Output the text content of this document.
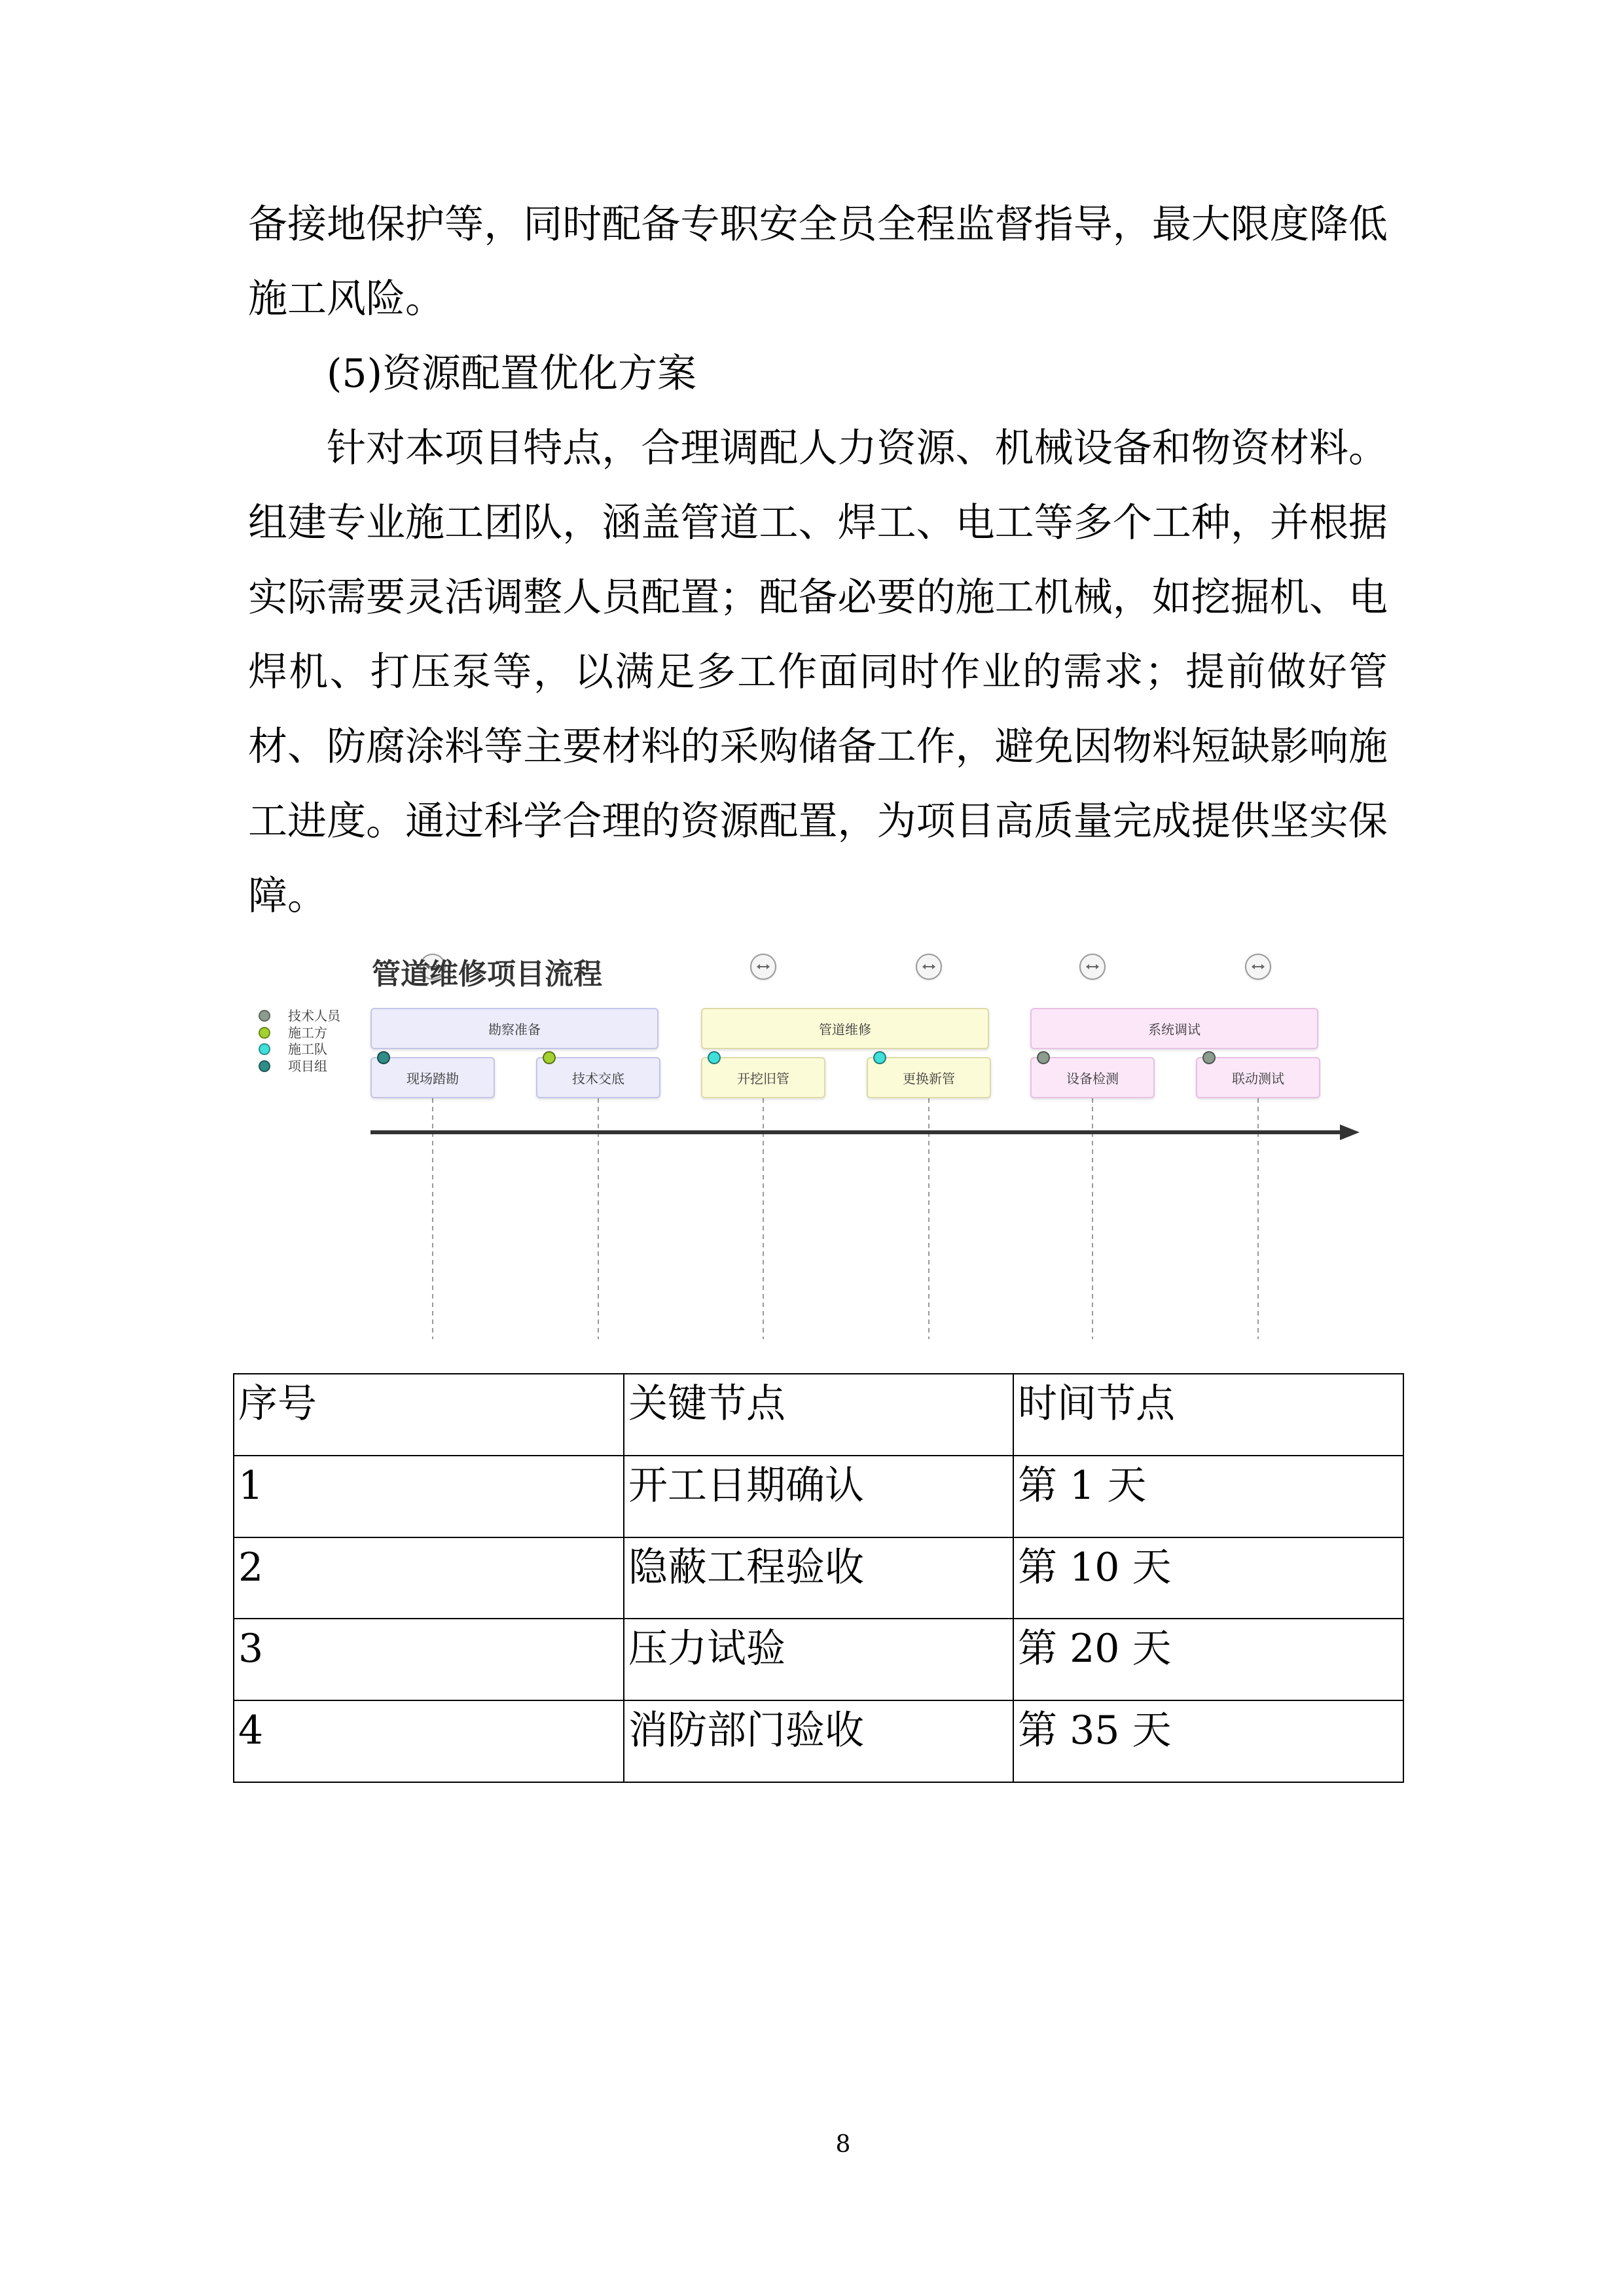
备接地保护等，同时配备专职安全员全程监督指导，最大限度降低
施工风险。
(5)资源配置优化方案
针对本项目特点，合理调配人力资源、机械设备和物资材料。
组建专业施工团队，涵盖管道工、焊工、电工等多个工种，并根据
实际需要灵活调整人员配置；配备必要的施工机械，如挖掘机、电
焊机、打压泵等，以满足多工作面同时作业的需求；提前做好管
材、防腐涂料等主要材料的采购储备工作，避免因物料短缺影响施
工进度。通过科学合理的资源配置，为项目高质量完成提供坚实保
障。
管道维修项目流程
技术人员
施工方
施工队
项目组
勘察准备	管道维修	系统调试
现场踏勘	技术交底	开挖旧管	更换新管	设备检测	联动测试
序号	关键节点	时间节点
1	开工日期确认	第 1 天
2	隐蔽工程验收	第 10 天
3	压力试验	第 20 天
4	消防部门验收	第 35 天
8
